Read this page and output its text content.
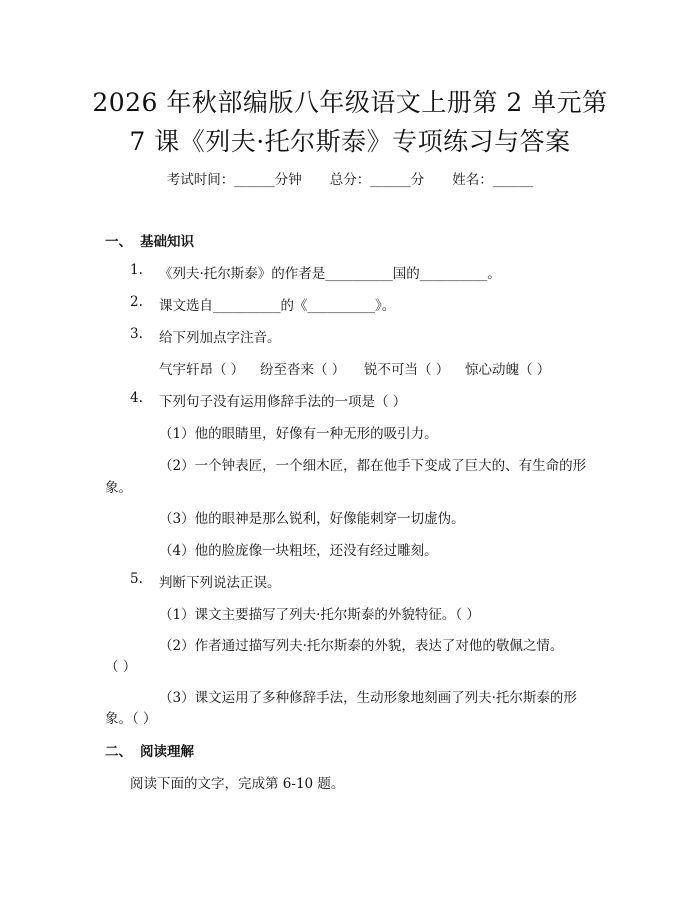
2026 年秋部编版八年级语文上册第 2 单元第
7 课《列夫·托尔斯泰》专项练习与答案
考试时间：______分钟 总分：______分 姓名：______
一、 基础知识
1. 《列夫·托尔斯泰》的作者是__________国的__________。
2. 课文选自__________的《__________》。
3. 给下列加点字注音。
气宇轩昂（ ） 纷至沓来（ ） 锐不可当（ ） 惊心动魄（ ）
4. 下列句子没有运用修辞手法的一项是（ ）
（1）他的眼睛里，好像有一种无形的吸引力。
（2）一个钟表匠，一个细木匠，都在他手下变成了巨大的、有生命的形
象。
（3）他的眼神是那么锐利，好像能刺穿一切虚伪。
（4）他的脸庞像一块粗坯，还没有经过雕刻。
5. 判断下列说法正误。
（1）课文主要描写了列夫·托尔斯泰的外貌特征。（ ）
（2）作者通过描写列夫·托尔斯泰的外貌，表达了对他的敬佩之情。
（ ）
（3）课文运用了多种修辞手法，生动形象地刻画了列夫·托尔斯泰的形
象。（ ）
二、 阅读理解
阅读下面的文字，完成第 6-10 题。
